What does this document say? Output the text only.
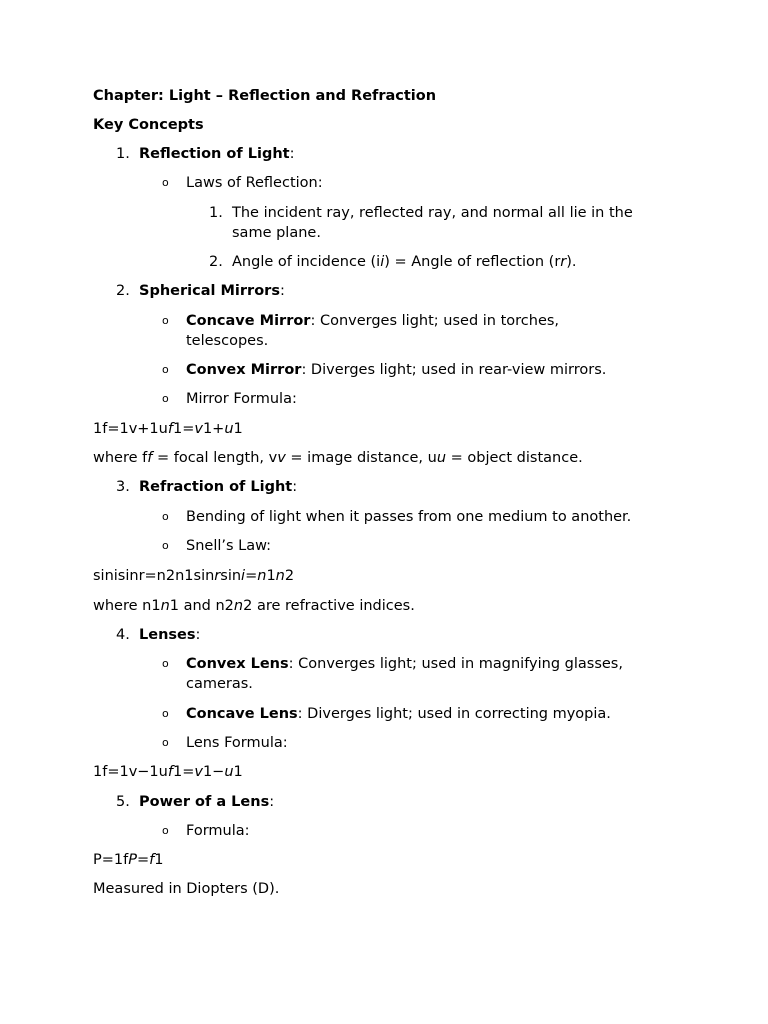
Chapter: Light – Reflection and Refraction
Key Concepts
1. Reflection of Light:
o Laws of Reflection:
1. The incident ray, reflected ray, and normal all lie in the
same plane.
2. Angle of incidence (ii) = Angle of reflection (rr).
2. Spherical Mirrors:
o Concave Mirror: Converges light; used in torches,
telescopes.
o Convex Mirror: Diverges light; used in rear-view mirrors.
o Mirror Formula:
1f=1v+1uf1=v1+u1
where ff = focal length, vv = image distance, uu = object distance.
3. Refraction of Light:
o Bending of light when it passes from one medium to another.
o Snell’s Law:
sinisinr=n2n1sinrsini=n1n2
where n1n1 and n2n2 are refractive indices.
4. Lenses:
o Convex Lens: Converges light; used in magnifying glasses,
cameras.
o Concave Lens: Diverges light; used in correcting myopia.
o Lens Formula:
1f=1v−1uf1=v1−u1
5. Power of a Lens:
o Formula:
P=1fP=f1
Measured in Diopters (D).
